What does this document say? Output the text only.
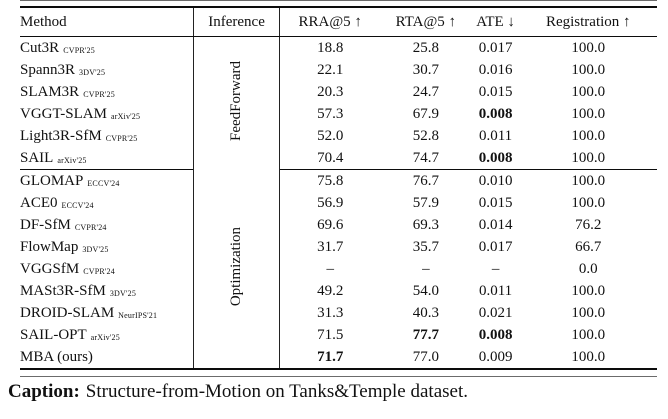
Method	Inference	RRA@5 ↑	RTA@5 ↑	ATE ↓	Registration ↑
Cut3R CVPR'25	FeedForward	18.8	25.8	0.017	100.0
Spann3R 3DV'25		22.1	30.7	0.016	100.0
SLAM3R CVPR'25		20.3	24.7	0.015	100.0
VGGT-SLAM arXiv'25		57.3	67.9	0.008	100.0
Light3R-SfM CVPR'25		52.0	52.8	0.011	100.0
SAIL arXiv'25		70.4	74.7	0.008	100.0
GLOMAP ECCV'24	Optimization	75.8	76.7	0.010	100.0
ACE0 ECCV'24		56.9	57.9	0.015	100.0
DF-SfM CVPR'24		69.6	69.3	0.014	76.2
FlowMap 3DV'25		31.7	35.7	0.017	66.7
VGGSfM CVPR'24		–	–	–	0.0
MASt3R-SfM 3DV'25		49.2	54.0	0.011	100.0
DROID-SLAM NeurIPS'21		31.3	40.3	0.021	100.0
SAIL-OPT arXiv'25		71.5	77.7	0.008	100.0
MBA (ours)		71.7	77.0	0.009	100.0
Caption: Structure-from-Motion on Tanks&Temple dataset.
